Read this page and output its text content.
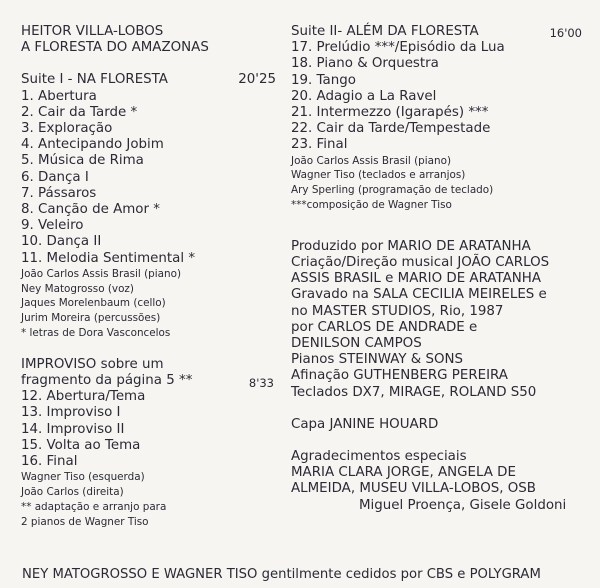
HEITOR VILLA-LOBOS
A FLORESTA DO AMAZONAS
Suite I - NA FLORESTA	20'25
1. Abertura
2. Cair da Tarde *
3. Exploração
4. Antecipando Jobim
5. Música de Rima
6. Dança I
7. Pássaros
8. Canção de Amor *
9. Veleiro
10. Dança II
11. Melodia Sentimental *
João Carlos Assis Brasil (piano)
Ney Matogrosso (voz)
Jaques Morelenbaum (cello)
Jurim Moreira (percussões)
* letras de Dora Vasconcelos
IMPROVISO sobre um
fragmento da página 5 **	8'33
12. Abertura/Tema
13. Improviso I
14. Improviso II
15. Volta ao Tema
16. Final
Wagner Tiso (esquerda)
João Carlos (direita)
** adaptação e arranjo para
2 pianos de Wagner Tiso
Suite II- ALÉM DA FLORESTA	16'00
17. Prelúdio ***/Episódio da Lua
18. Piano & Orquestra
19. Tango
20. Adagio a La Ravel
21. Intermezzo (Igarapés) ***
22. Cair da Tarde/Tempestade
23. Final
João Carlos Assis Brasil (piano)
Wagner Tiso (teclados e arranjos)
Ary Sperling (programação de teclado)
***composição de Wagner Tiso
Produzido por MARIO DE ARATANHA
Criação/Direção musical JOÃO CARLOS
ASSIS BRASIL e MARIO DE ARATANHA
Gravado na SALA CECILIA MEIRELES e
no MASTER STUDIOS, Rio, 1987
por CARLOS DE ANDRADE e
DENILSON CAMPOS
Pianos STEINWAY & SONS
Afinação GUTHENBERG PEREIRA
Teclados DX7, MIRAGE, ROLAND S50
Capa JANINE HOUARD
Agradecimentos especiais
MARIA CLARA JORGE, ANGELA DE
ALMEIDA, MUSEU VILLA-LOBOS, OSB
Miguel Proença, Gisele Goldoni
NEY MATOGROSSO E WAGNER TISO gentilmente cedidos por CBS e POLYGRAM
